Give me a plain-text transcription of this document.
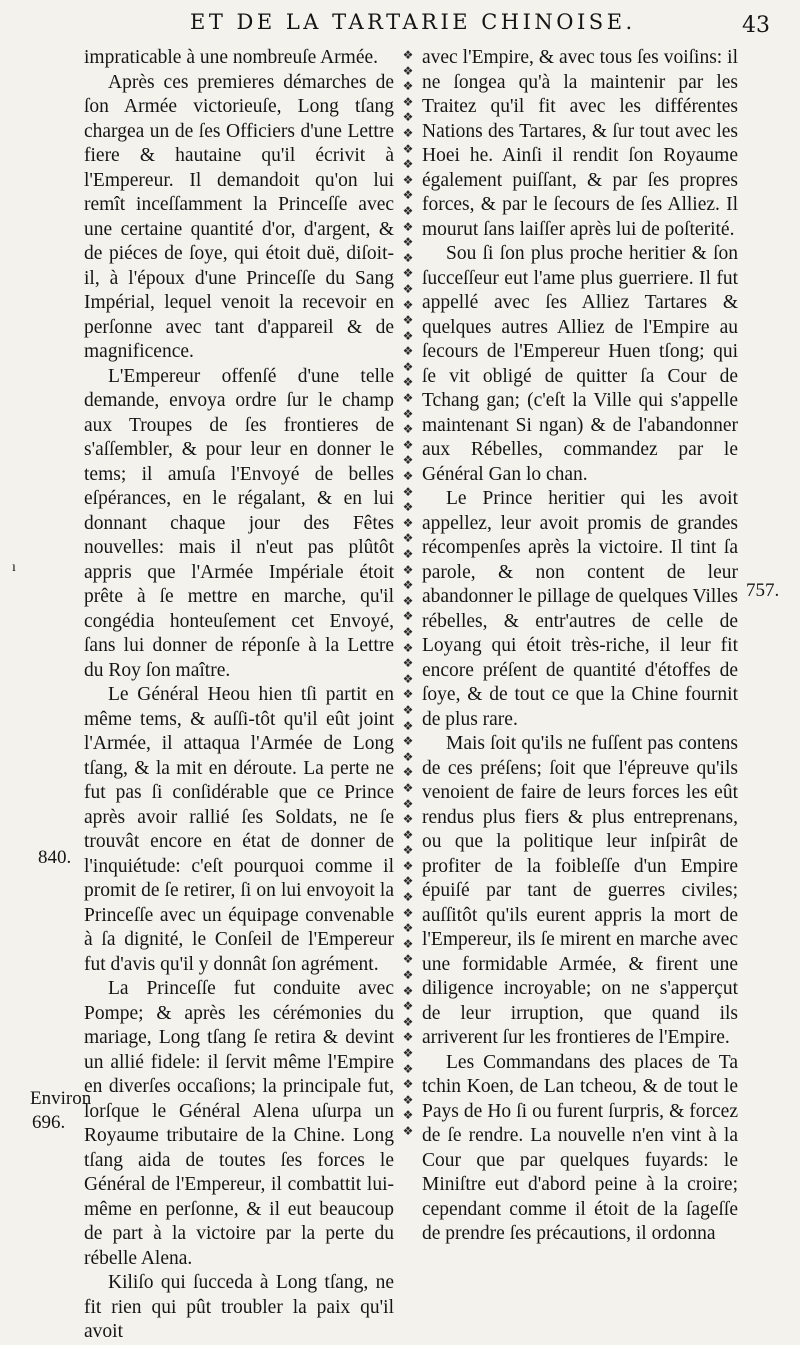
ET DE LA TARTARIE CHINOISE.	43

impraticable à une nombreuſe Armée.

Après ces premieres démarches de ſon Armée victorieuſe, Long tſang chargea un de ſes Officiers d'une Lettre fiere & hautaine qu'il écrivit à l'Empereur. Il demandoit qu'on lui remît inceſſamment la Princeſſe avec une certaine quantité d'or, d'argent, & de piéces de ſoye, qui étoit duë, diſoit-il, à l'époux d'une Princeſſe du Sang Impérial, lequel venoit la recevoir en perſonne avec tant d'appareil & de magnificence.

L'Empereur offenſé d'une telle demande, envoya ordre ſur le champ aux Troupes de ſes frontieres de s'aſſembler, & pour leur en donner le tems; il amuſa l'Envoyé de belles eſpérances, en le régalant, & en lui donnant chaque jour des Fêtes nouvelles: mais il n'eut pas plûtôt appris que l'Armée Impériale étoit prête à ſe mettre en marche, qu'il congédia honteuſement cet Envoyé, ſans lui donner de réponſe à la Lettre du Roy ſon maître.

Le Général Heou hien tſi partit en même tems, & auſſi-tôt qu'il eût joint l'Armée, il attaqua l'Armée de Long tſang, & la mit en déroute. La perte ne fut pas ſi conſidérable que ce Prince après avoir rallié ſes Soldats, ne ſe trouvât encore en état de donner de l'inquiétude: c'eſt pourquoi comme il promit de ſe retirer, ſi on lui envoyoit la Princeſſe avec un équipage convenable à ſa dignité, le Conſeil de l'Empereur fut d'avis qu'il y donnât ſon agrément.

La Princeſſe fut conduite avec Pompe; & après les cérémonies du mariage, Long tſang ſe retira & devint un allié fidele: il ſervit même l'Empire en diverſes occaſions; la principale fut, lorſque le Général Alena uſurpa un Royaume tributaire de la Chine. Long tſang aida de toutes ſes forces le Général de l'Empereur, il combattit lui-même en perſonne, & il eut beaucoup de part à la victoire par la perte du rébelle Alena.

Kiliſo qui ſucceda à Long tſang, ne fit rien qui pût troubler la paix qu'il avoit

❖
❖
❖
❖
❖
❖
❖
❖
❖
❖
❖
❖
❖
❖
❖
❖
❖
❖
❖
❖
❖
❖
❖
❖
❖
❖
❖
❖
❖
❖
❖
❖
❖
❖
❖
❖
❖
❖
❖
❖
❖
❖
❖
❖
❖
❖
❖
❖
❖
❖
❖
❖
❖
❖
❖
❖
❖
❖
❖
❖
❖
❖
❖
❖
❖
❖
❖
❖
❖
❖

avec l'Empire, & avec tous ſes voiſins: il ne ſongea qu'à la maintenir par les Traitez qu'il fit avec les différentes Nations des Tartares, & ſur tout avec les Hoei he. Ainſi il rendit ſon Royaume également puiſſant, & par ſes propres forces, & par le ſecours de ſes Alliez. Il mourut ſans laiſſer après lui de poſterité.

Sou ſi ſon plus proche heritier & ſon ſucceſſeur eut l'ame plus guerriere. Il fut appellé avec ſes Alliez Tartares & quelques autres Alliez de l'Empire au ſecours de l'Empereur Huen tſong; qui ſe vit obligé de quitter ſa Cour de Tchang gan; (c'eſt la Ville qui s'appelle maintenant Si ngan) & de l'abandonner aux Rébelles, commandez par le Général Gan lo chan.

Le Prince heritier qui les avoit appellez, leur avoit promis de grandes récompenſes après la victoire. Il tint ſa parole, & non content de leur abandonner le pillage de quelques Villes rébelles, & entr'autres de celle de Loyang qui étoit très-riche, il leur fit encore préſent de quantité d'étoffes de ſoye, & de tout ce que la Chine fournit de plus rare.

Mais ſoit qu'ils ne fuſſent pas contens de ces préſens; ſoit que l'épreuve qu'ils venoient de faire de leurs forces les eût rendus plus fiers & plus entreprenans, ou que la politique leur inſpirât de profiter de la foibleſſe d'un Empire épuiſé par tant de guerres civiles; auſſitôt qu'ils eurent appris la mort de l'Empereur, ils ſe mirent en marche avec une formidable Armée, & firent une diligence incroyable; on ne s'apperçut de leur irruption, que quand ils arriverent ſur les frontieres de l'Empire.

Les Commandans des places de Ta tchin Koen, de Lan tcheou, & de tout le Pays de Ho ſi ou furent ſurpris, & forcez de ſe rendre. La nouvelle n'en vint à la Cour que par quelques fuyards: le Miniſtre eut d'abord peine à la croire; cependant comme il étoit de la ſageſſe de prendre ſes précautions, il ordonna

840.
757.
Environ
696.
ı
